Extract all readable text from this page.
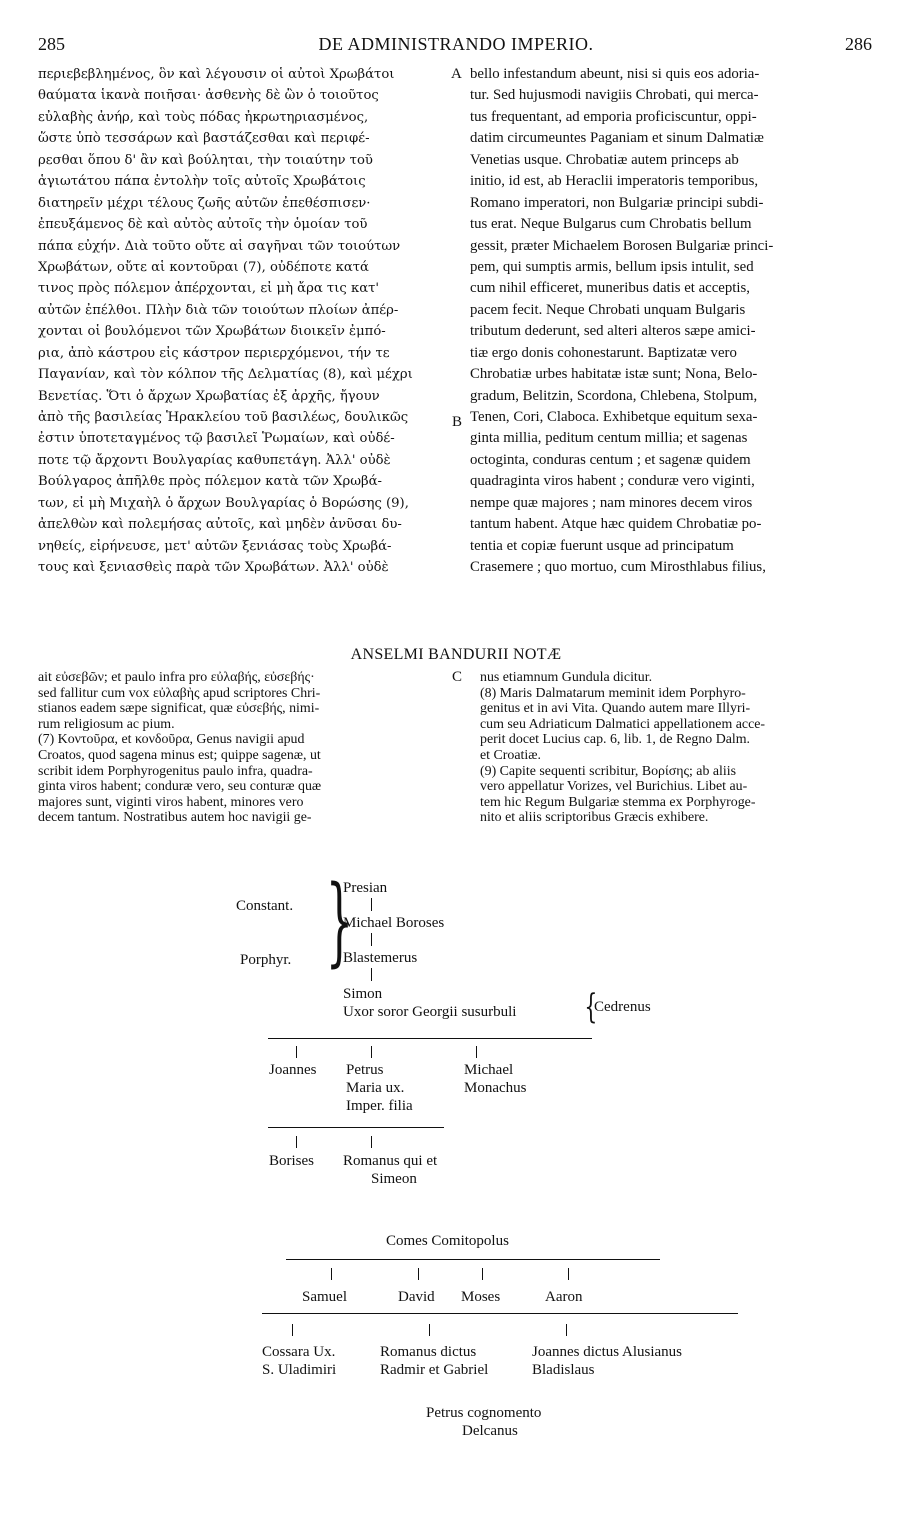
285	DE ADMINISTRANDO IMPERIO.	286
περιεβεβλημένος, ὃν καὶ λέγουσιν οἱ αὐτοὶ Χρωβάτοι
θαύματα ἱκανὰ ποιῆσαι· ἀσθενὴς δὲ ὢν ὁ τοιοῦτος
εὐλαβὴς ἀνήρ, καὶ τοὺς πόδας ἠκρωτηριασμένος,
ὥστε ὑπὸ τεσσάρων καὶ βαστάζεσθαι καὶ περιφέ-
ρεσθαι ὅπου δ' ἂν καὶ βούληται, τὴν τοιαύτην τοῦ
ἁγιωτάτου πάπα ἐντολὴν τοῖς αὐτοῖς Χρωβάτοις
διατηρεῖν μέχρι τέλους ζωῆς αὐτῶν ἐπεθέσπισεν·
ἐπευξάμενος δὲ καὶ αὐτὸς αὐτοῖς τὴν ὁμοίαν τοῦ
πάπα εὐχήν. Διὰ τοῦτο οὔτε αἱ σαγῆναι τῶν τοιούτων
Χρωβάτων, οὔτε αἱ κοντοῦραι (7), οὐδέποτε κατά
τινος πρὸς πόλεμον ἀπέρχονται, εἰ μὴ ἄρα τις κατ'
αὐτῶν ἐπέλθοι. Πλὴν διὰ τῶν τοιούτων πλοίων ἀπέρ-
χονται οἱ βουλόμενοι τῶν Χρωβάτων διοικεῖν ἐμπό-
ρια, ἀπὸ κάστρου εἰς κάστρον περιερχόμενοι, τήν τε
Παγανίαν, καὶ τὸν κόλπον τῆς Δελματίας (8), καὶ μέχρι
Βενετίας. Ὅτι ὁ ἄρχων Χρωβατίας ἐξ ἀρχῆς, ἤγουν
ἀπὸ τῆς βασιλείας Ἡρακλείου τοῦ βασιλέως, δουλικῶς
ἐστιν ὑποτεταγμένος τῷ βασιλεῖ Ῥωμαίων, καὶ οὐδέ-
ποτε τῷ ἄρχοντι Βουλγαρίας καθυπετάγη. Ἀλλ' οὐδὲ
Βούλγαρος ἀπῆλθε πρὸς πόλεμον κατὰ τῶν Χρωβά-
των, εἰ μὴ Μιχαὴλ ὁ ἄρχων Βουλγαρίας ὁ Βορώσης (9),
ἀπελθὼν καὶ πολεμήσας αὐτοῖς, καὶ μηδὲν ἀνῦσαι δυ-
νηθείς, εἰρήνευσε, μετ' αὐτῶν ξενιάσας τοὺς Χρωβά-
τους καὶ ξενιασθεὶς παρὰ τῶν Χρωβάτων. Ἀλλ' οὐδὲ
bello infestandum abeunt, nisi si quis eos adoria-
tur. Sed hujusmodi navigiis Chrobati, qui merca-
tus frequentant, ad emporia proficiscuntur, oppi-
datim circumeuntes Paganiam et sinum Dalmatiæ
Venetias usque. Chrobatiæ autem princeps ab
initio, id est, ab Heraclii imperatoris temporibus,
Romano imperatori, non Bulgariæ principi subdi-
tus erat. Neque Bulgarus cum Chrobatis bellum
gessit, præter Michaelem Borosen Bulgariæ princi-
pem, qui sumptis armis, bellum ipsis intulit, sed
cum nihil efficeret, muneribus datis et acceptis,
pacem fecit. Neque Chrobati unquam Bulgaris
tributum dederunt, sed alteri alteros sæpe amici-
tiæ ergo donis cohonestarunt. Baptizatæ vero
Chrobatiæ urbes habitatæ istæ sunt; Nona, Belo-
gradum, Belitzin, Scordona, Chlebena, Stolpum,
Tenen, Cori, Claboca. Exhibetque equitum sexa-
ginta millia, peditum centum millia; et sagenas
octoginta, conduras centum ; et sagenæ quidem
quadraginta viros habent ; conduræ vero viginti,
nempe quæ majores ; nam minores decem viros
tantum habent. Atque hæc quidem Chrobatiæ po-
tentia et copiæ fuerunt usque ad principatum
Crasemere ; quo mortuo, cum Mirosthlabus filius,
A
B
C
ANSELMI BANDURII NOTÆ
ait εὐσεβῶν; et paulo infra pro εὐλαβής, εὐσεβής·
sed fallitur cum vox εὐλαβὴς apud scriptores Chri-
stianos eadem sæpe significat, quæ εὐσεβής, nimi-
rum religiosum ac pium.
(7) Κοντοῦρα, et κονδοῦρα, Genus navigii apud
Croatos, quod sagena minus est; quippe sagenæ, ut
scribit idem Porphyrogenitus paulo infra, quadra-
ginta viros habent; conduræ vero, seu conturæ quæ
majores sunt, viginti viros habent, minores vero
decem tantum. Nostratibus autem hoc navigii ge-
nus etiamnum Gundula dicitur.
(8) Maris Dalmatarum meminit idem Porphyro-
genitus et in avi Vita. Quando autem mare Illyri-
cum seu Adriaticum Dalmatici appellationem acce-
perit docet Lucius cap. 6, lib. 1, de Regno Dalm.
et Croatiæ.
(9) Capite sequenti scribitur, Βορίσης; ab aliis
vero appellatur Vorizes, vel Burichius. Libet au-
tem hic Regum Bulgariæ stemma ex Porphyroge-
nito et aliis scriptoribus Græcis exhibere.
Constant.
Porphyr. }
Presian
Michael Boroses
Blastemerus
Simon
Uxor soror Georgii susurbuli {
Cedrenus
Joannes Petrus
Maria ux.
Imper. filia
Michael
Monachus
Borises Romanus qui et
Simeon
Comes Comitopolus
Samuel	David Moses	Aaron
Cossara Ux.
S. Uladimiri
Romanus dictus
Radmir et Gabriel
Joannes dictus Alusianus
Bladislaus
Petrus cognomento
Delcanus
